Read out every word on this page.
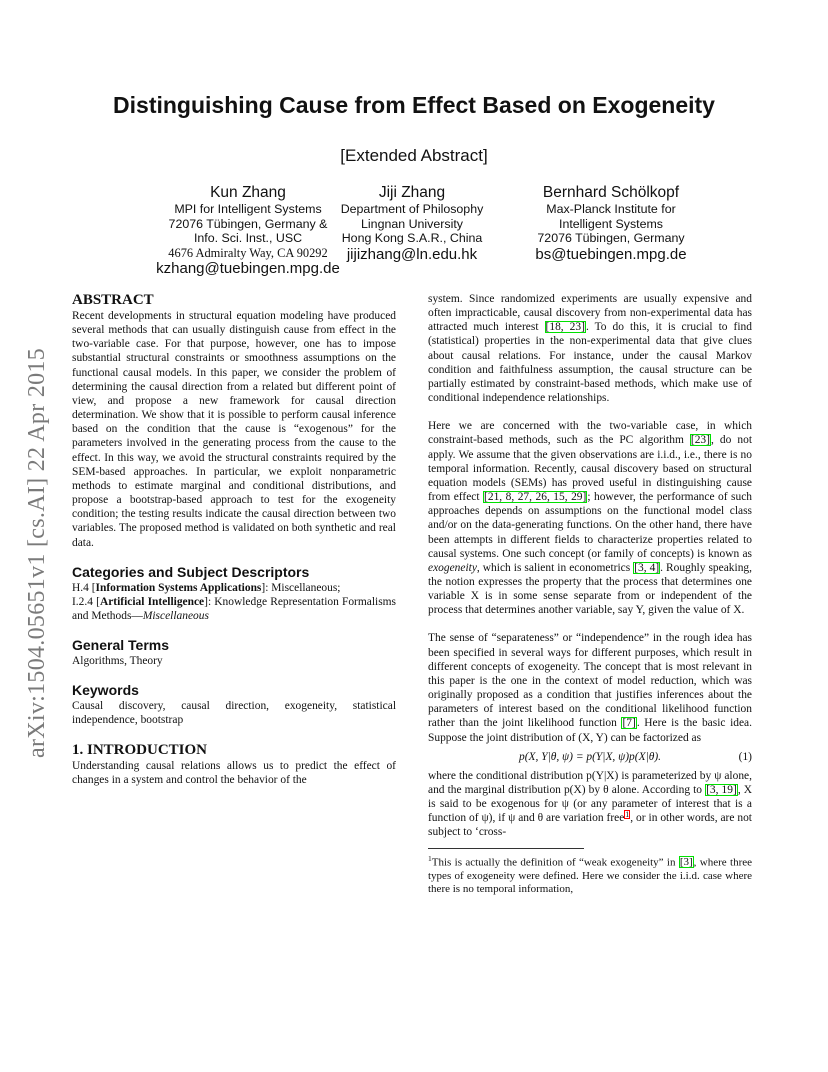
arXiv:1504.05651v1 [cs.AI] 22 Apr 2015
Distinguishing Cause from Effect Based on Exogeneity
[Extended Abstract]
Kun Zhang
MPI for Intelligent Systems
72076 Tübingen, Germany &
Info. Sci. Inst., USC
4676 Admiralty Way, CA 90292
kzhang@tuebingen.mpg.de
Jiji Zhang
Department of Philosophy
Lingnan University
Hong Kong S.A.R., China
jijizhang@ln.edu.hk
Bernhard Schölkopf
Max-Planck Institute for
Intelligent Systems
72076 Tübingen, Germany
bs@tuebingen.mpg.de
ABSTRACT

Recent developments in structural equation modeling have produced several methods that can usually distinguish cause from effect in the two-variable case. For that purpose, however, one has to impose substantial structural constraints or smoothness assumptions on the functional causal models. In this paper, we consider the problem of determining the causal direction from a related but different point of view, and propose a new framework for causal direction determination. We show that it is possible to perform causal inference based on the condition that the cause is “exogenous” for the parameters involved in the generating process from the cause to the effect. In this way, we avoid the structural constraints required by the SEM-based approaches. In particular, we exploit nonparametric methods to estimate marginal and conditional distributions, and propose a bootstrap-based approach to test for the exogeneity condition; the testing results indicate the causal direction between two variables. The proposed method is validated on both synthetic and real data.

Categories and Subject Descriptors

H.4 [Information Systems Applications]: Miscellaneous;
I.2.4 [Artificial Intelligence]: Knowledge Representation Formalisms and Methods—Miscellaneous

General Terms

Algorithms, Theory

Keywords

Causal discovery, causal direction, exogeneity, statistical independence, bootstrap

1. INTRODUCTION

Understanding causal relations allows us to predict the effect of changes in a system and control the behavior of the

system. Since randomized experiments are usually expensive and often impracticable, causal discovery from non-experimental data has attracted much interest [18, 23]. To do this, it is crucial to find (statistical) properties in the non-experimental data that give clues about causal relations. For instance, under the causal Markov condition and faithfulness assumption, the causal structure can be partially estimated by constraint-based methods, which make use of conditional independence relationships.

Here we are concerned with the two-variable case, in which constraint-based methods, such as the PC algorithm [23], do not apply. We assume that the given observations are i.i.d., i.e., there is no temporal information. Recently, causal discovery based on structural equation models (SEMs) has proved useful in distinguishing cause from effect [21, 8, 27, 26, 15, 29]; however, the performance of such approaches depends on assumptions on the functional model class and/or on the data-generating functions. On the other hand, there have been attempts in different fields to characterize properties related to causal systems. One such concept (or family of concepts) is known as exogeneity, which is salient in econometrics [3, 4]. Roughly speaking, the notion expresses the property that the process that determines one variable X is in some sense separate from or independent of the process that determines another variable, say Y, given the value of X.

The sense of “separateness” or “independence” in the rough idea has been specified in several ways for different purposes, which result in different concepts of exogeneity. The concept that is most relevant in this paper is the one in the context of model reduction, which was originally proposed as a condition that justifies inferences about the parameters of interest based on the conditional likelihood function rather than the joint likelihood function [7]. Here is the basic idea. Suppose the joint distribution of (X, Y) can be factorized as

p(X, Y|θ, ψ) = p(Y|X, ψ)p(X|θ).	(1)

where the conditional distribution p(Y|X) is parameterized by ψ alone, and the marginal distribution p(X) by θ alone. According to [3, 19], X is said to be exogenous for ψ (or any parameter of interest that is a function of ψ), if ψ and θ are variation free$^1$, or in other words, are not subject to ‘cross-

$^1$This is actually the definition of “weak exogeneity” in [3], where three types of exogeneity were defined. Here we consider the i.i.d. case where there is no temporal information,
